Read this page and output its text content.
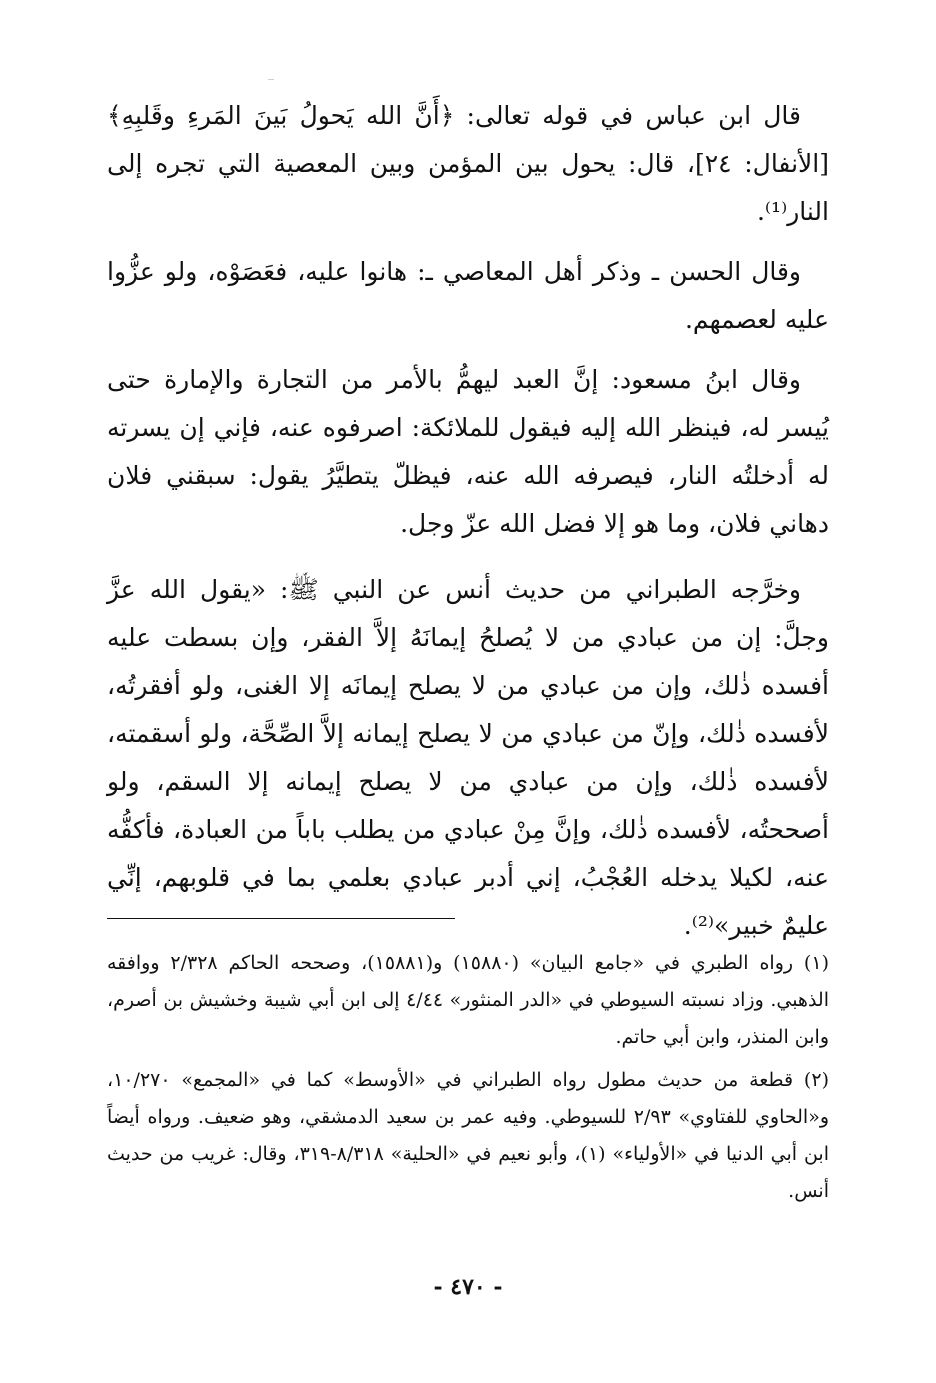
قال ابن عباس في قوله تعالى: ﴿أَنَّ الله يَحولُ بَينَ المَرءِ وقَلبِهِ﴾ [الأنفال: ٢٤]، قال: يحول بين المؤمن وبين المعصية التي تجره إلى النار⁽¹⁾.

وقال الحسن ـ وذكر أهل المعاصي ـ: هانوا عليه، فعَصَوْه، ولو عزُّوا عليه لعصمهم.

وقال ابنُ مسعود: إنَّ العبد ليهمُّ بالأمر من التجارة والإمارة حتى يُيسر له، فينظر الله إليه فيقول للملائكة: اصرفوه عنه، فإني إن يسرته له أدخلتُه النار، فيصرفه الله عنه، فيظلّ يتطيَّرُ يقول: سبقني فلان دهاني فلان، وما هو إلا فضل الله عزّ وجل.

وخرَّجه الطبراني من حديث أنس عن النبي ﷺ: «يقول الله عزَّ وجلَّ: إن من عبادي من لا يُصلحُ إيمانَهُ إلاَّ الفقر، وإن بسطت عليه أفسده ذٰلك، وإن من عبادي من لا يصلح إيمانَه إلا الغنى، ولو أفقرتُه، لأفسده ذٰلك، وإنّ من عبادي من لا يصلح إيمانه إلاَّ الصِّحَّة، ولو أسقمته، لأفسده ذٰلك، وإن من عبادي من لا يصلح إيمانه إلا السقم، ولو أصححتُه، لأفسده ذٰلك، وإنَّ مِنْ عبادي من يطلب باباً من العبادة، فأكفُّه عنه، لكيلا يدخله العُجْبُ، إني أدبر عبادي بعلمي بما في قلوبهم، إنِّي عليمٌ خبير»⁽²⁾.

(١) رواه الطبري في «جامع البيان» (١٥٨٨٠) و(١٥٨٨١)، وصححه الحاكم ٢/٣٢٨ ووافقه الذهبي. وزاد نسبته السيوطي في «الدر المنثور» ٤/٤٤ إلى ابن أبي شيبة وخشيش بن أصرم، وابن المنذر، وابن أبي حاتم.

(٢) قطعة من حديث مطول رواه الطبراني في «الأوسط» كما في «المجمع» ١٠/٢٧٠، و«الحاوي للفتاوي» ٢/٩٣ للسيوطي. وفيه عمر بن سعيد الدمشقي، وهو ضعيف. ورواه أيضاً ابن أبي الدنيا في «الأولياء» (١)، وأبو نعيم في «الحلية» ٨/٣١٨-٣١٩، وقال: غريب من حديث أنس.

- ٤٧٠ -
